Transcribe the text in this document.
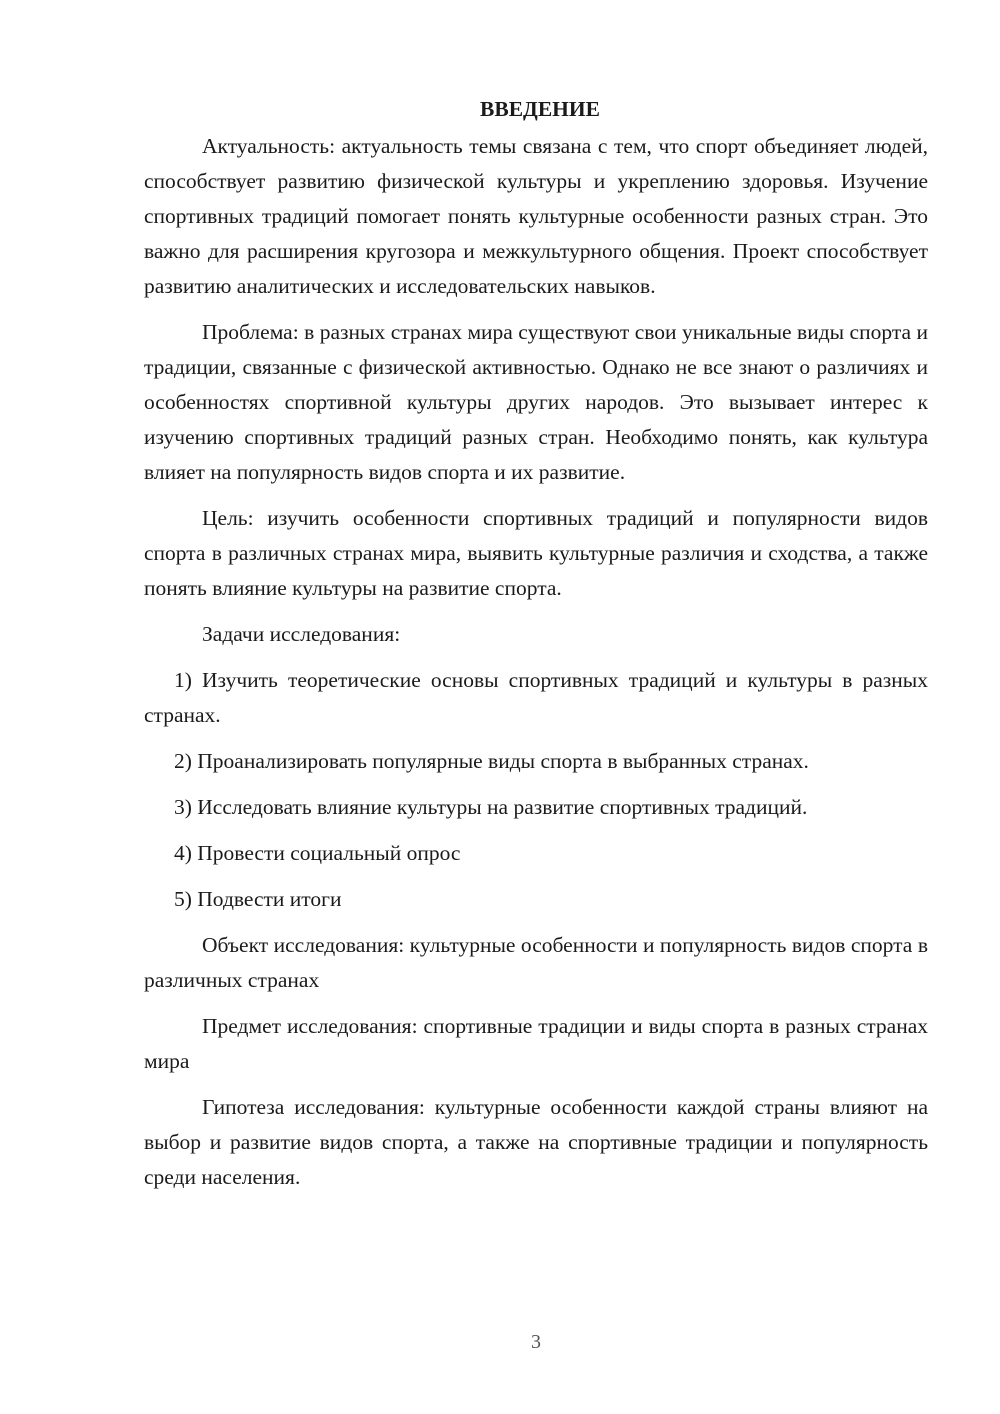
ВВЕДЕНИЕ

Актуальность: актуальность темы связана с тем, что спорт объединяет людей, способствует развитию физической культуры и укреплению здоровья. Изучение спортивных традиций помогает понять культурные особенности разных стран. Это важно для расширения кругозора и межкультурного общения. Проект способствует развитию аналитических и исследовательских навыков.

Проблема: в разных странах мира существуют свои уникальные виды спорта и традиции, связанные с физической активностью. Однако не все знают о различиях и особенностях спортивной культуры других народов. Это вызывает интерес к изучению спортивных традиций разных стран. Необходимо понять, как культура влияет на популярность видов спорта и их развитие.

Цель: изучить особенности спортивных традиций и популярности видов спорта в различных странах мира, выявить культурные различия и сходства, а также понять влияние культуры на развитие спорта.

Задачи исследования:

1) Изучить теоретические основы спортивных традиций и культуры в разных странах.

2) Проанализировать популярные виды спорта в выбранных странах.

3) Исследовать влияние культуры на развитие спортивных традиций.

4) Провести социальный опрос

5) Подвести итоги

Объект исследования: культурные особенности и популярность видов спорта в различных странах

Предмет исследования: спортивные традиции и виды спорта в разных странах мира

Гипотеза исследования: культурные особенности каждой страны влияют на выбор и развитие видов спорта, а также на спортивные традиции и популярность среди населения.

3
